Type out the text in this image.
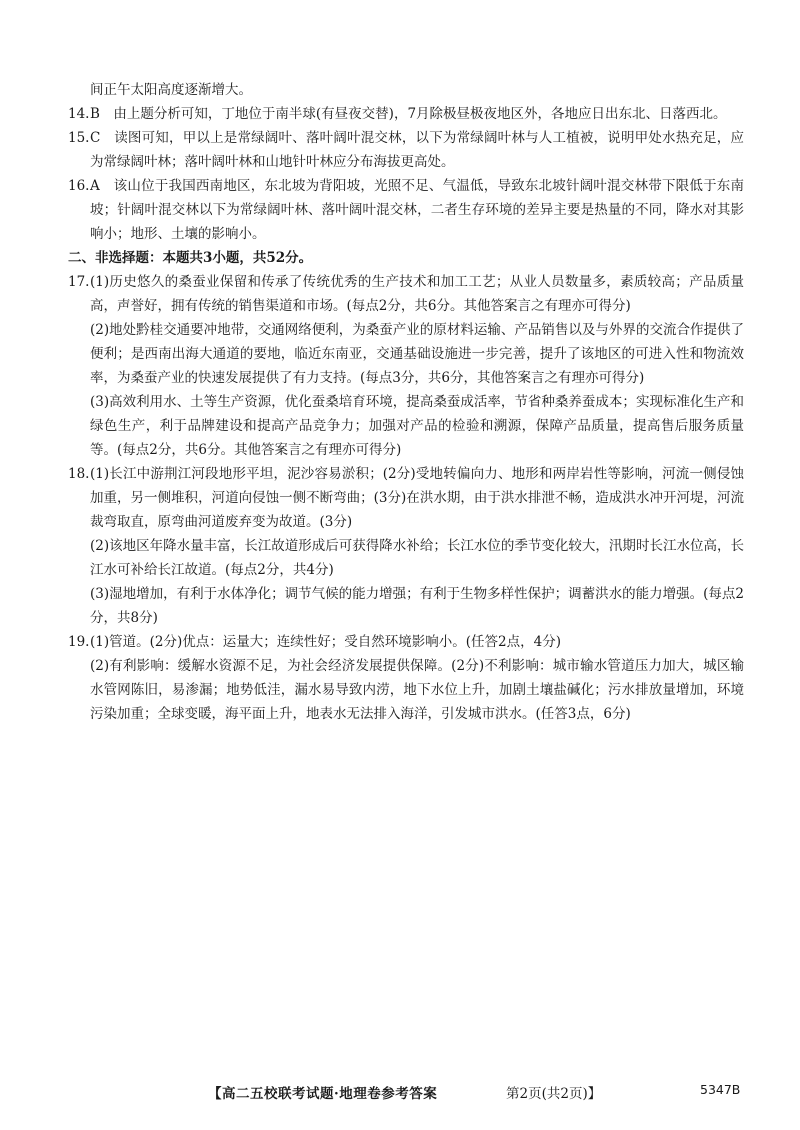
间正午太阳高度逐渐增大。
14. B　由上题分析可知，丁地位于南半球(有昼夜交替)，7月除极昼极夜地区外，各地应日出东北、日落西北。
15. C　读图可知，甲以上是常绿阔叶、落叶阔叶混交林，以下为常绿阔叶林与人工植被，说明甲处水热充足，应为常绿阔叶林；落叶阔叶林和山地针叶林应分布海拔更高处。
16. A　该山位于我国西南地区，东北坡为背阳坡，光照不足、气温低，导致东北坡针阔叶混交林带下限低于东南坡；针阔叶混交林以下为常绿阔叶林、落叶阔叶混交林，二者生存环境的差异主要是热量的不同，降水对其影响小；地形、土壤的影响小。
二、非选择题：本题共3小题，共52分。
17. (1)历史悠久的桑蚕业保留和传承了传统优秀的生产技术和加工工艺；从业人员数量多，素质较高；产品质量高，声誉好，拥有传统的销售渠道和市场。(每点2分，共6分。其他答案言之有理亦可得分)
(2)地处黔桂交通要冲地带，交通网络便利，为桑蚕产业的原材料运输、产品销售以及与外界的交流合作提供了便利；是西南出海大通道的要地，临近东南亚，交通基础设施进一步完善，提升了该地区的可进入性和物流效率，为桑蚕产业的快速发展提供了有力支持。(每点3分，共6分，其他答案言之有理亦可得分)
(3)高效利用水、土等生产资源，优化蚕桑培育环境，提高桑蚕成活率，节省种桑养蚕成本；实现标准化生产和绿色生产，利于品牌建设和提高产品竞争力；加强对产品的检验和溯源，保障产品质量，提高售后服务质量等。(每点2分，共6分。其他答案言之有理亦可得分)
18. (1)长江中游荆江河段地形平坦，泥沙容易淤积；(2分)受地转偏向力、地形和两岸岩性等影响，河流一侧侵蚀加重，另一侧堆积，河道向侵蚀一侧不断弯曲；(3分)在洪水期，由于洪水排泄不畅，造成洪水冲开河堤，河流裁弯取直，原弯曲河道废弃变为故道。(3分)
(2)该地区年降水量丰富，长江故道形成后可获得降水补给；长江水位的季节变化较大，汛期时长江水位高，长江水可补给长江故道。(每点2分，共4分)
(3)湿地增加，有利于水体净化；调节气候的能力增强；有利于生物多样性保护；调蓄洪水的能力增强。(每点2分，共8分)
19. (1)管道。(2分)优点：运量大；连续性好；受自然环境影响小。(任答2点，4分)
(2)有利影响：缓解水资源不足，为社会经济发展提供保障。(2分)不利影响：城市输水管道压力加大，城区输水管网陈旧，易渗漏；地势低洼，漏水易导致内涝，地下水位上升，加剧土壤盐碱化；污水排放量增加，环境污染加重；全球变暖，海平面上升，地表水无法排入海洋，引发城市洪水。(任答3点，6分)
【高二五校联考试题·地理卷参考答案	第2页(共2页)】	5347B
